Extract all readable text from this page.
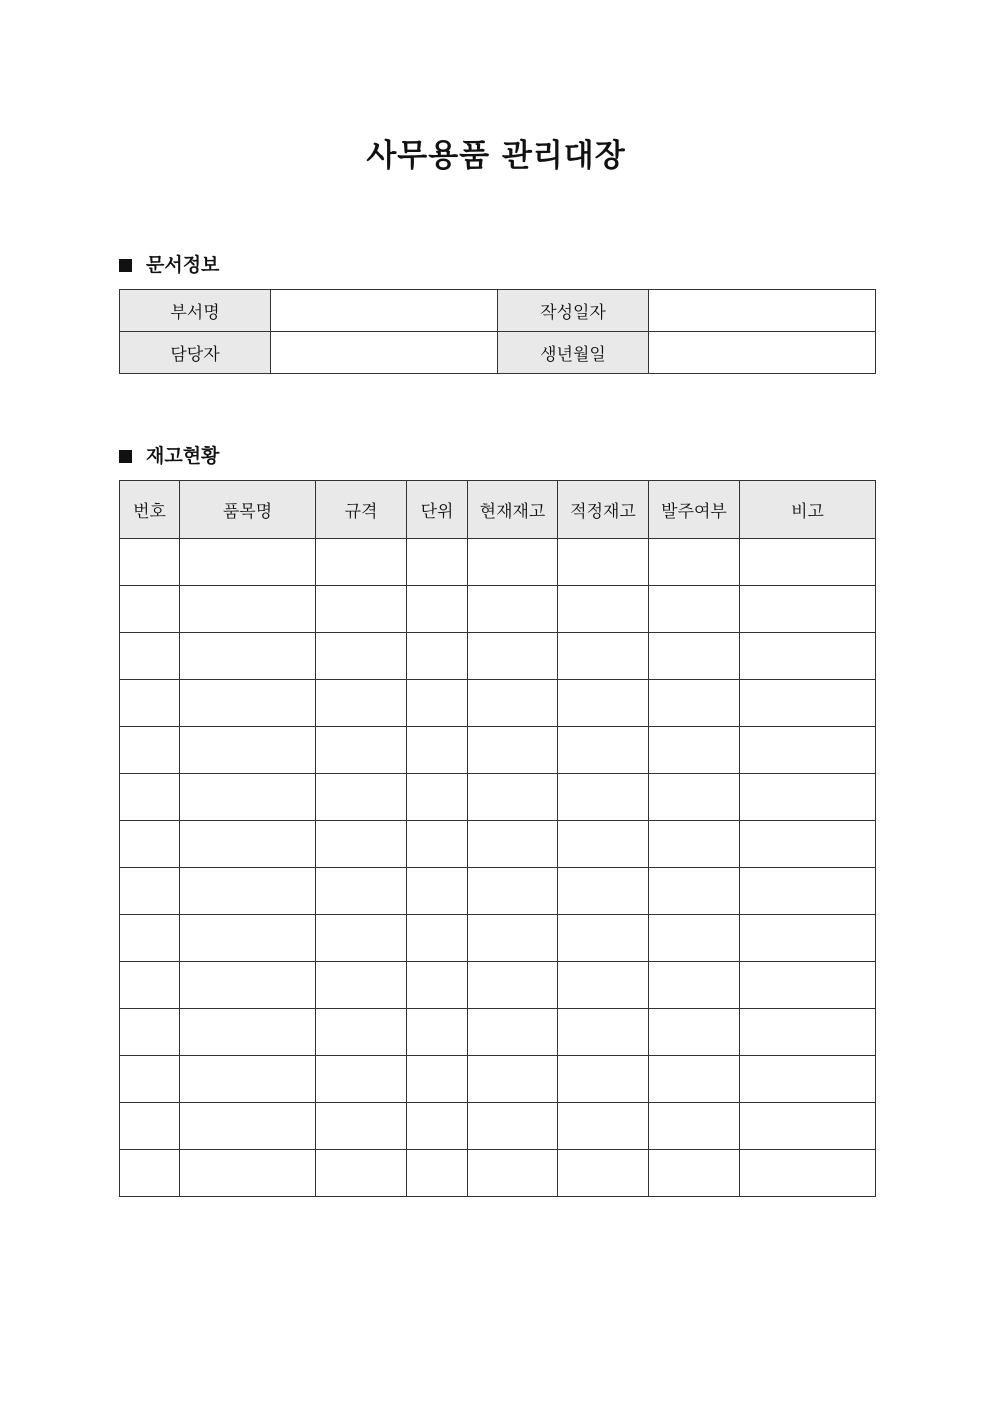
사무용품 관리대장
문서정보
부서명		작성일자	
담당자		생년월일	
재고현황
번호	품목명	규격	단위	현재재고	적정재고	발주여부	비고
